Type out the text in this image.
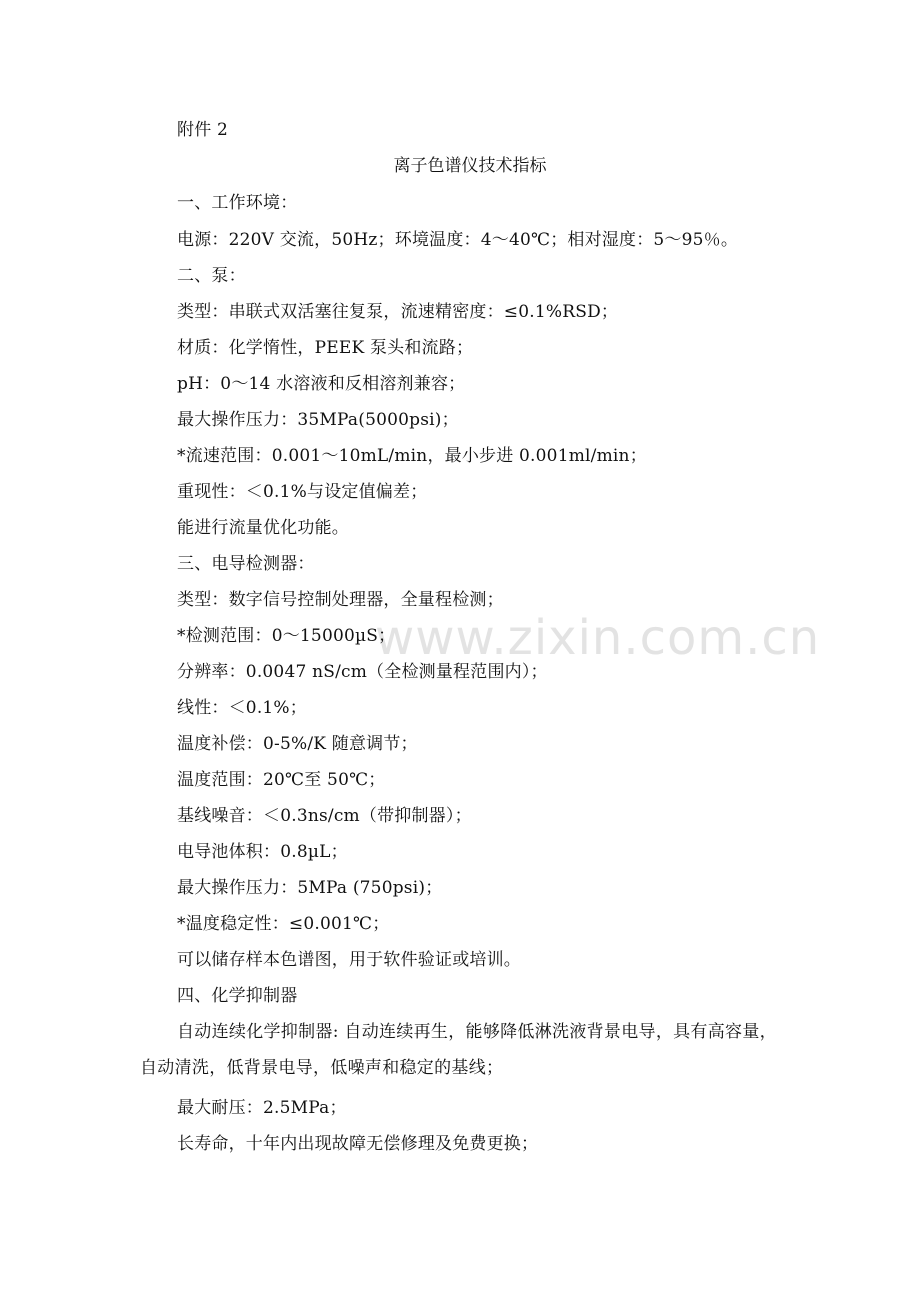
www.zixin.com.cn
附件 2
离子色谱仪技术指标
一、工作环境：
电源：220V 交流，50Hz；环境温度：4～40℃；相对湿度：5～95％。
二、泵：
类型：串联式双活塞往复泵，流速精密度：≤0.1%RSD；
材质：化学惰性，PEEK 泵头和流路；
pH：0～14 水溶液和反相溶剂兼容；
最大操作压力：35MPa(5000psi)；
*流速范围：0.001～10mL/min，最小步进 0.001ml/min；
重现性：＜0.1%与设定值偏差；
能进行流量优化功能。
三、电导检测器：
类型：数字信号控制处理器，全量程检测；
*检测范围：0～15000µS；
分辨率：0.0047 nS/cm（全检测量程范围内）；
线性：＜0.1%；
温度补偿：0-5%/K 随意调节；
温度范围：20℃至 50℃；
基线噪音：＜0.3ns/cm（带抑制器）；
电导池体积：0.8µL；
最大操作压力：5MPa (750psi)；
*温度稳定性：≤0.001℃；
可以储存样本色谱图，用于软件验证或培训。
四、化学抑制器
自动连续化学抑制器: 自动连续再生，能够降低淋洗液背景电导，具有高容量，自动清洗，低背景电导，低噪声和稳定的基线；
最大耐压：2.5MPa；
长寿命，十年内出现故障无偿修理及免费更换；
